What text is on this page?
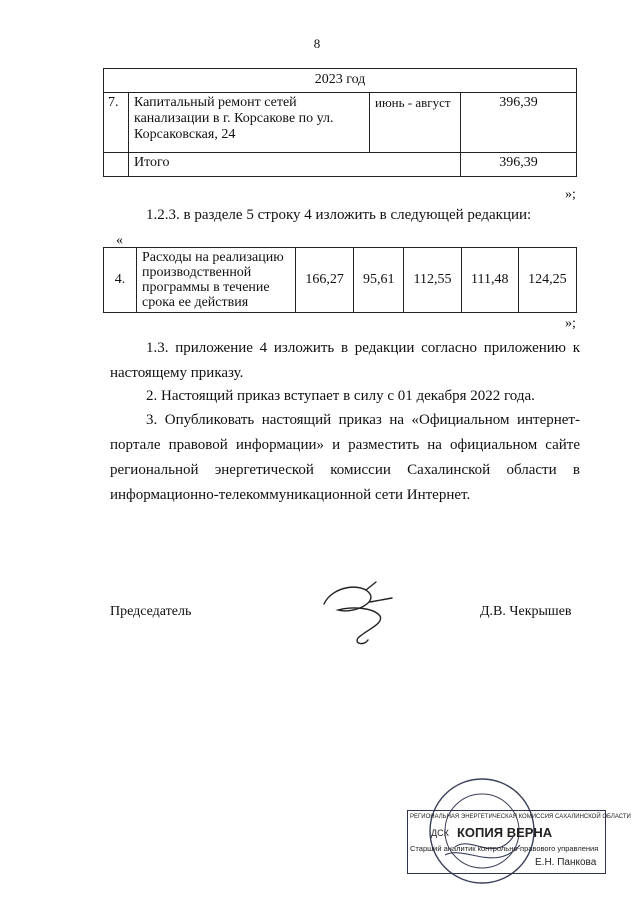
8
2023 год			
7.	Капитальный ремонт сетей канализации в г. Корсакове по ул. Корсаковская, 24	июнь - август	396,39
	Итого		396,39
»;
1.2.3. в разделе 5 строку 4 изложить в следующей редакции:
«
4.	Расходы на реализацию производственной программы в течение срока ее действия	166,27	95,61	112,55	111,48	124,25
»;
1.3. приложение 4 изложить в редакции согласно приложению к настоящему приказу.
2. Настоящий приказ вступает в силу с 01 декабря 2022 года.
3. Опубликовать настоящий приказ на «Официальном интернет-портале правовой информации» и разместить на официальном сайте региональной энергетической комиссии Сахалинской области в информационно-телекоммуникационной сети Интернет.
Председатель	Д.В. Чекрышев
РЕГИОНАЛЬНАЯ ЭНЕРГЕТИЧЕСКАЯ КОМИССИЯ САХАЛИНСКОЙ ОБЛАСТИ
ДСК КОПИЯ ВЕРНА
Старший аналитик контрольно-правового управления
Е.Н. Панкова
